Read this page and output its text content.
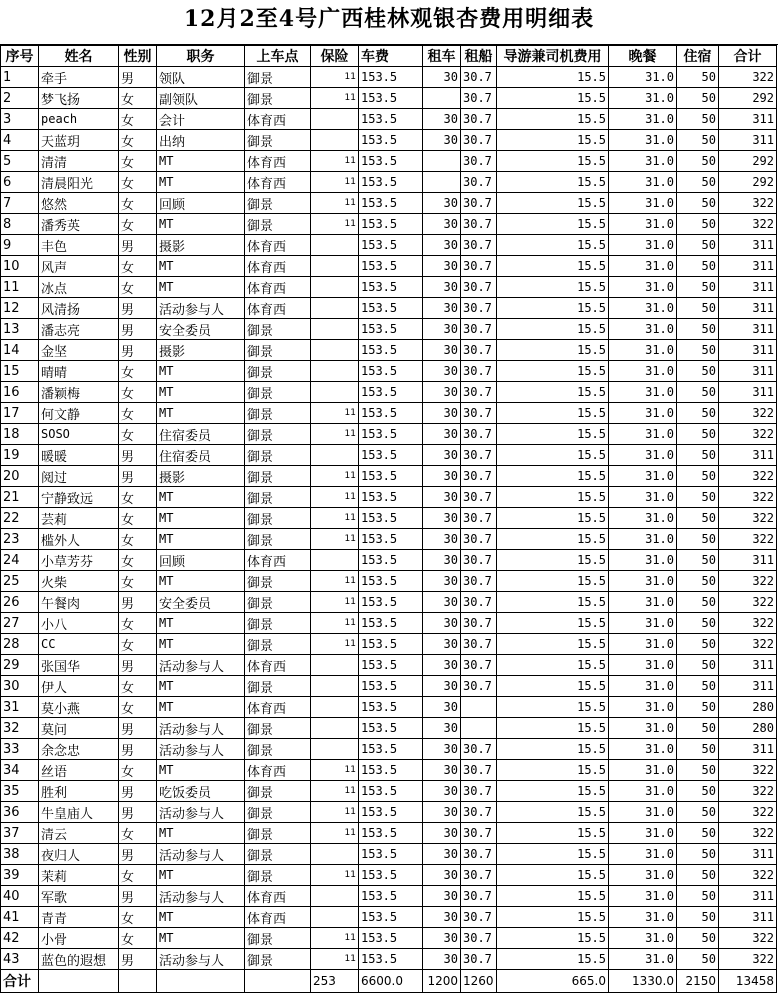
12月2至4号广西桂林观银杏费用明细表
序号	姓名	性别	职务	上车点	保险	车费	租车	租船	导游兼司机费用	晚餐	住宿	合计
1	牵手	男	领队	御景	11	153.5	30	30.7	15.5	31.0	50	322
2	梦飞扬	女	副领队	御景	11	153.5		30.7	15.5	31.0	50	292
3	peach	女	会计	体育西		153.5	30	30.7	15.5	31.0	50	311
4	天蓝玥	女	出纳	御景		153.5	30	30.7	15.5	31.0	50	311
5	清清	女	MT	体育西	11	153.5		30.7	15.5	31.0	50	292
6	清晨阳光	女	MT	体育西	11	153.5		30.7	15.5	31.0	50	292
7	悠然	女	回顾	御景	11	153.5	30	30.7	15.5	31.0	50	322
8	潘秀英	女	MT	御景	11	153.5	30	30.7	15.5	31.0	50	322
9	丰色	男	摄影	体育西		153.5	30	30.7	15.5	31.0	50	311
10	风声	女	MT	体育西		153.5	30	30.7	15.5	31.0	50	311
11	冰点	女	MT	体育西		153.5	30	30.7	15.5	31.0	50	311
12	风清扬	男	活动参与人	体育西		153.5	30	30.7	15.5	31.0	50	311
13	潘志亮	男	安全委员	御景		153.5	30	30.7	15.5	31.0	50	311
14	金坚	男	摄影	御景		153.5	30	30.7	15.5	31.0	50	311
15	晴晴	女	MT	御景		153.5	30	30.7	15.5	31.0	50	311
16	潘颖梅	女	MT	御景		153.5	30	30.7	15.5	31.0	50	311
17	何文静	女	MT	御景	11	153.5	30	30.7	15.5	31.0	50	322
18	SOSO	女	住宿委员	御景	11	153.5	30	30.7	15.5	31.0	50	322
19	暖暖	男	住宿委员	御景		153.5	30	30.7	15.5	31.0	50	311
20	阅过	男	摄影	御景	11	153.5	30	30.7	15.5	31.0	50	322
21	宁静致远	女	MT	御景	11	153.5	30	30.7	15.5	31.0	50	322
22	芸莉	女	MT	御景	11	153.5	30	30.7	15.5	31.0	50	322
23	槛外人	女	MT	御景	11	153.5	30	30.7	15.5	31.0	50	322
24	小草芳芬	女	回顾	体育西		153.5	30	30.7	15.5	31.0	50	311
25	火柴	女	MT	御景	11	153.5	30	30.7	15.5	31.0	50	322
26	午餐肉	男	安全委员	御景	11	153.5	30	30.7	15.5	31.0	50	322
27	小八	女	MT	御景	11	153.5	30	30.7	15.5	31.0	50	322
28	CC	女	MT	御景	11	153.5	30	30.7	15.5	31.0	50	322
29	张国华	男	活动参与人	体育西		153.5	30	30.7	15.5	31.0	50	311
30	伊人	女	MT	御景		153.5	30	30.7	15.5	31.0	50	311
31	莫小燕	女	MT	体育西		153.5	30		15.5	31.0	50	280
32	莫问	男	活动参与人	御景		153.5	30		15.5	31.0	50	280
33	余念忠	男	活动参与人	御景		153.5	30	30.7	15.5	31.0	50	311
34	丝语	女	MT	体育西	11	153.5	30	30.7	15.5	31.0	50	322
35	胜利	男	吃饭委员	御景	11	153.5	30	30.7	15.5	31.0	50	322
36	牛皇庙人	男	活动参与人	御景	11	153.5	30	30.7	15.5	31.0	50	322
37	清云	女	MT	御景	11	153.5	30	30.7	15.5	31.0	50	322
38	夜归人	男	活动参与人	御景		153.5	30	30.7	15.5	31.0	50	311
39	茉莉	女	MT	御景	11	153.5	30	30.7	15.5	31.0	50	322
40	军歌	男	活动参与人	体育西		153.5	30	30.7	15.5	31.0	50	311
41	青青	女	MT	体育西		153.5	30	30.7	15.5	31.0	50	311
42	小骨	女	MT	御景	11	153.5	30	30.7	15.5	31.0	50	322
43	蓝色的遐想	男	活动参与人	御景	11	153.5	30	30.7	15.5	31.0	50	322
合计					253	6600.0	1200	1260	665.0	1330.0	2150	13458
